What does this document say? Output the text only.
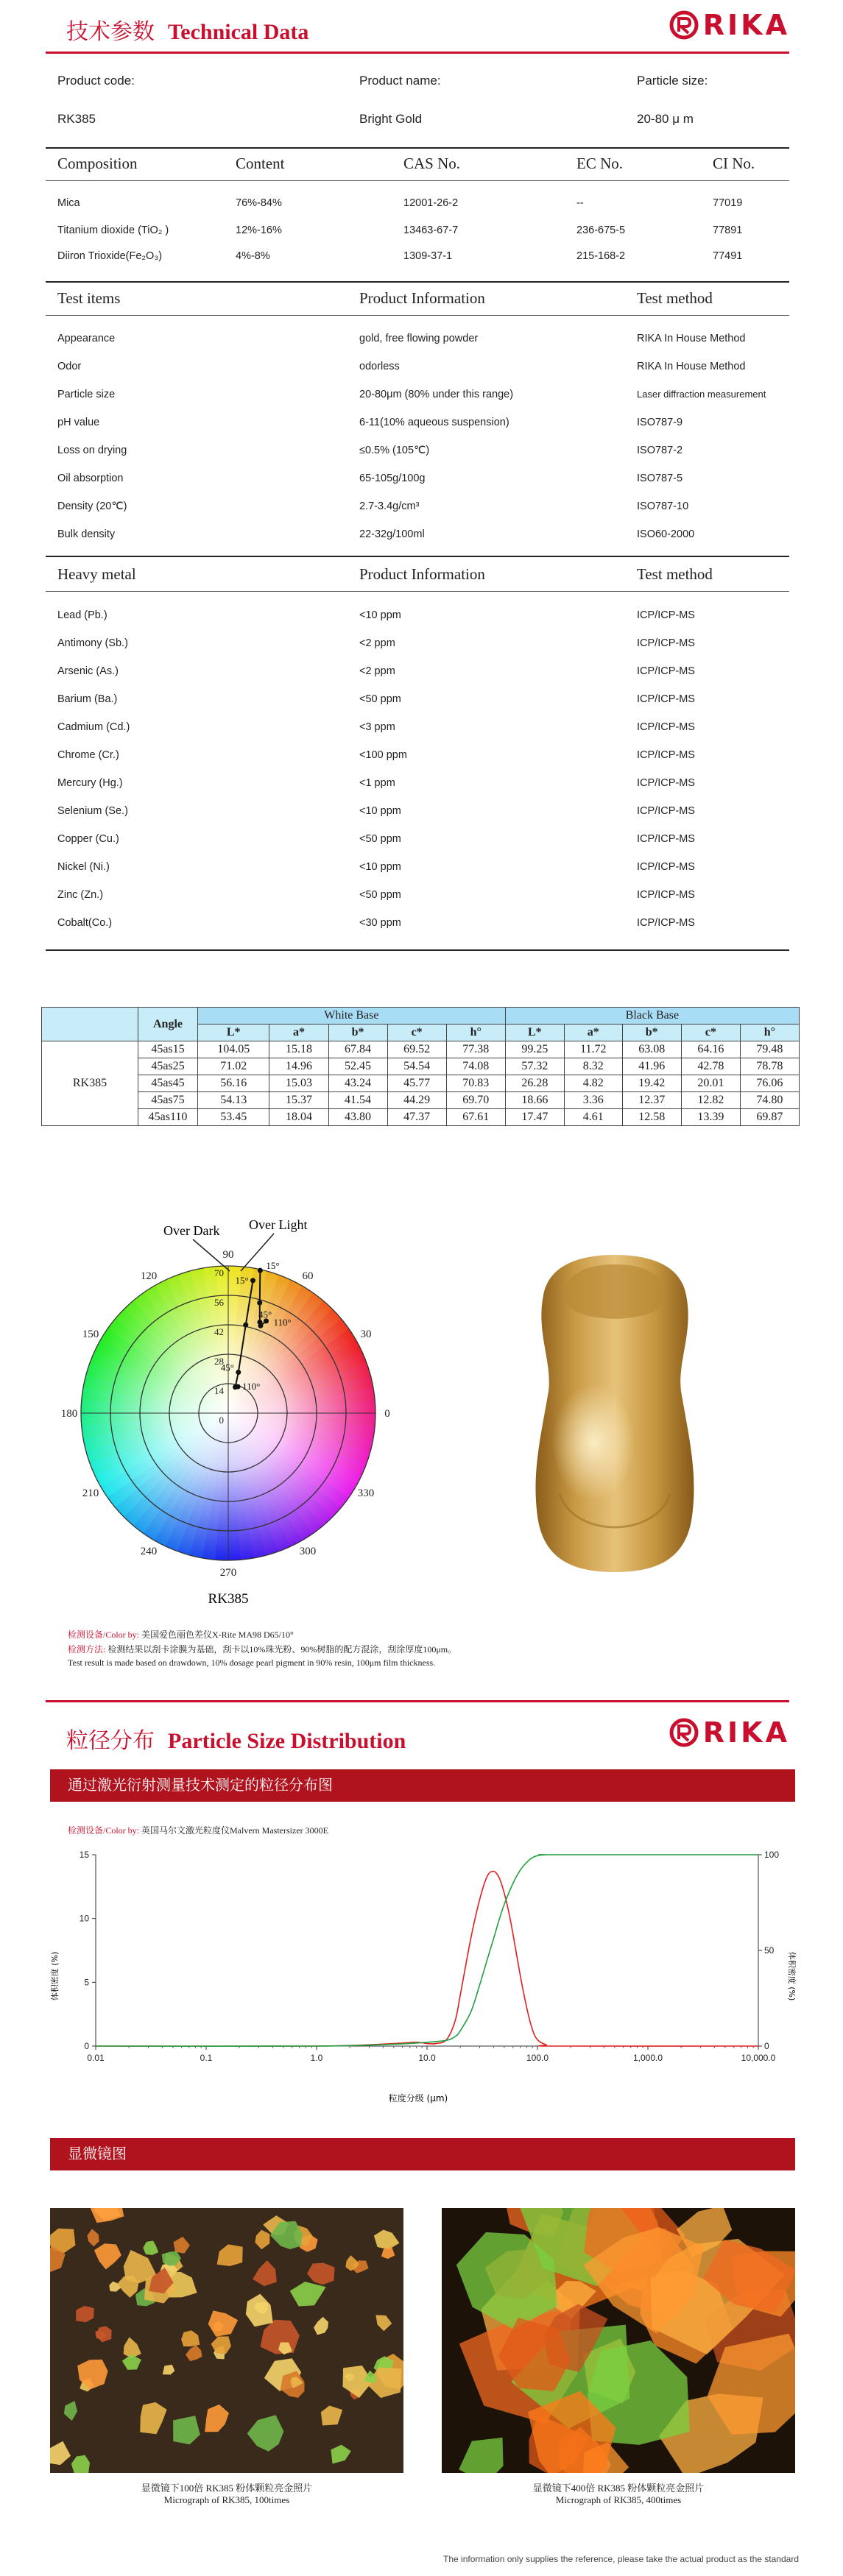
技术参数 Technical Data	RIKA
Product code:	Product name:	Particle size:
RK385	Bright Gold	20-80 μ m
Composition	Content	CAS No.	EC No.	CI No.
Mica	76%-84%	12001-26-2	--	77019
Titanium dioxide (TiO₂ )	12%-16%	13463-67-7	236-675-5	77891
Diiron Trioxide(Fe₂O₃)	4%-8%	1309-37-1	215-168-2	77491
Test items	Product Information	Test method
Appearance	gold, free flowing powder	RIKA In House Method
Odor	odorless	RIKA In House Method
Particle size	20-80μm (80% under this range)	Laser diffraction measurement
pH value	6-11(10% aqueous suspension)	ISO787-9
Loss on drying	≤0.5% (105℃)	ISO787-2
Oil absorption	65-105g/100g	ISO787-5
Density (20℃)	2.7-3.4g/cm³	ISO787-10
Bulk density	22-32g/100ml	ISO60-2000
Heavy metal	Product Information	Test method
Lead (Pb.)	<10 ppm	ICP/ICP-MS
Antimony (Sb.)	<2 ppm	ICP/ICP-MS
Arsenic (As.)	<2 ppm	ICP/ICP-MS
Barium (Ba.)	<50 ppm	ICP/ICP-MS
Cadmium (Cd.)	<3 ppm	ICP/ICP-MS
Chrome (Cr.)	<100 ppm	ICP/ICP-MS
Mercury (Hg.)	<1 ppm	ICP/ICP-MS
Selenium (Se.)	<10 ppm	ICP/ICP-MS
Copper (Cu.)	<50 ppm	ICP/ICP-MS
Nickel (Ni.)	<10 ppm	ICP/ICP-MS
Zinc (Zn.)	<50 ppm	ICP/ICP-MS
Cobalt(Co.)	<30 ppm	ICP/ICP-MS
	Angle	White Base					Black Base				
		L*	a*	b*	c*	h°	L*	a*	b*	c*	h°
RK385	45as15	104.05	15.18	67.84	69.52	77.38	99.25	11.72	63.08	64.16	79.48
	45as25	71.02	14.96	52.45	54.54	74.08	57.32	8.32	41.96	42.78	78.78
	45as45	56.16	15.03	43.24	45.77	70.83	26.28	4.82	19.42	20.01	76.06
	45as75	54.13	15.37	41.54	44.29	69.70	18.66	3.36	12.37	12.82	74.80
	45as110	53.45	18.04	43.80	47.37	67.61	17.47	4.61	12.58	13.39	69.87
90
60
30
0
330
300
270
240
210
180
150
120	70
56
42
28
14
0
15°
45°
110°
15°
45°
110°
Over Dark Over Light
RK385
检测设备/Color by: 美国爱色丽色差仪X-Rite MA98 D65/10°
检测方法: 检测结果以刮卡涂膜为基础，刮卡以10%珠光粉、90%树脂的配方混涂，刮涂厚度100μm。
Test result is made based on drawdown, 10% dosage pearl pigment in 90% resin, 100μm film thickness.
粒径分布 Particle Size Distribution	RIKA
通过激光衍射测量技术测定的粒径分布图
检测设备/Color by: 英国马尔文激光粒度仪Malvern Mastersizer 3000E
0.01	0.1	1.0	10.0	100.0	1,000.0	10,000.0
0
5
10
15
0
50
100
粒度分级 (μm)
体积密度 (%)	体积密度 (%)
显微镜图
显微镜下100倍 RK385 粉体颗粒亮金照片
Micrograph of RK385, 100times
显微镜下400倍 RK385 粉体颗粒亮金照片
Micrograph of RK385, 400times
The information only supplies the reference, please take the actual product as the standard
